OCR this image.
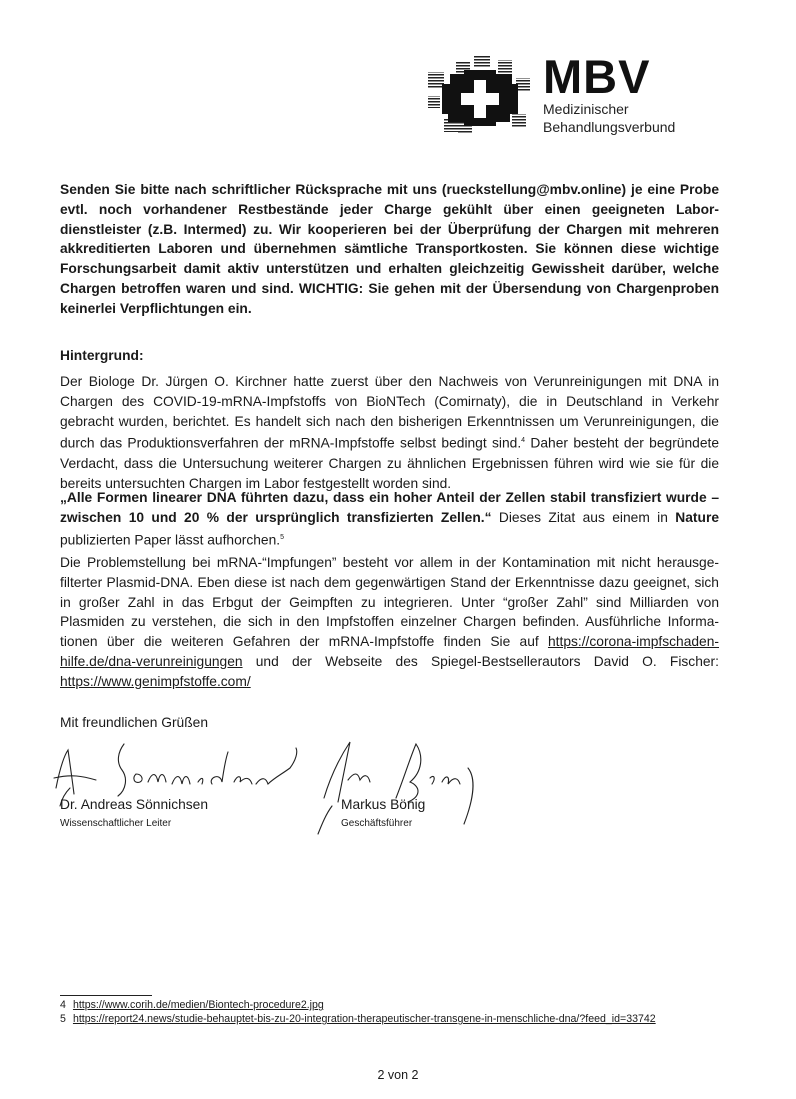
MBV
Medizinischer
Behandlungsverbund
Senden Sie bitte nach schriftlicher Rücksprache mit uns (rueckstellung@mbv.online) je eine Probe evtl. noch vorhandener Restbestände jeder Charge gekühlt über einen geeigneten Labordienstleister (z.B. Intermed) zu. Wir kooperieren bei der Überprüfung der Chargen mit mehreren akkreditierten Laboren und übernehmen sämtliche Transportkosten. Sie können diese wichtige Forschungsarbeit damit aktiv unterstützen und erhalten gleichzeitig Gewissheit darüber, welche Chargen betroffen waren und sind. WICHTIG: Sie gehen mit der Übersendung von Chargenproben keinerlei Verpflichtungen ein.
Hintergrund:
Der Biologe Dr. Jürgen O. Kirchner hatte zuerst über den Nachweis von Verunreinigungen mit DNA in Chargen des COVID-19-mRNA-Impfstoffs von BioNTech (Comirnaty), die in Deutschland in Verkehr gebracht wurden, berichtet. Es handelt sich nach den bisherigen Erkenntnissen um Verunreinigungen, die durch das Produktionsverfahren der mRNA-Impfstoffe selbst bedingt sind.$^4$ Daher besteht der begründete Verdacht, dass die Untersuchung weiterer Chargen zu ähnlichen Ergebnissen führen wird wie sie für die bereits untersuchten Chargen im Labor festgestellt worden sind.
„Alle Formen linearer DNA führten dazu, dass ein hoher Anteil der Zellen stabil transfiziert wurde – zwischen 10 und 20 % der ursprünglich transfizierten Zellen.“ Dieses Zitat aus einem in Nature publizierten Paper lässt aufhorchen.$^5$
Die Problemstellung bei mRNA-“Impfungen” besteht vor allem in der Kontamination mit nicht herausgefilterter Plasmid-DNA. Eben diese ist nach dem gegenwärtigen Stand der Erkenntnisse dazu geeignet, sich in großer Zahl in das Erbgut der Geimpften zu integrieren. Unter “großer Zahl” sind Milliarden von Plasmiden zu verstehen, die sich in den Impfstoffen einzelner Chargen befinden. Ausführliche Informationen über die weiteren Gefahren der mRNA-Impfstoffe finden Sie auf https://corona-impfschaden-hilfe.de/dna-verunreinigungen und der Webseite des Spiegel-Bestsellerautors David O. Fischer: https://www.genimpfstoffe.com/
Mit freundlichen Grüßen
Dr. Andreas Sönnichsen
Wissenschaftlicher Leiter
Markus Bönig
Geschäftsführer
4 https://www.corih.de/medien/Biontech-procedure2.jpg
5 https://report24.news/studie-behauptet-bis-zu-20-integration-therapeutischer-transgene-in-menschliche-dna/?feed_id=33742
2 von 2
